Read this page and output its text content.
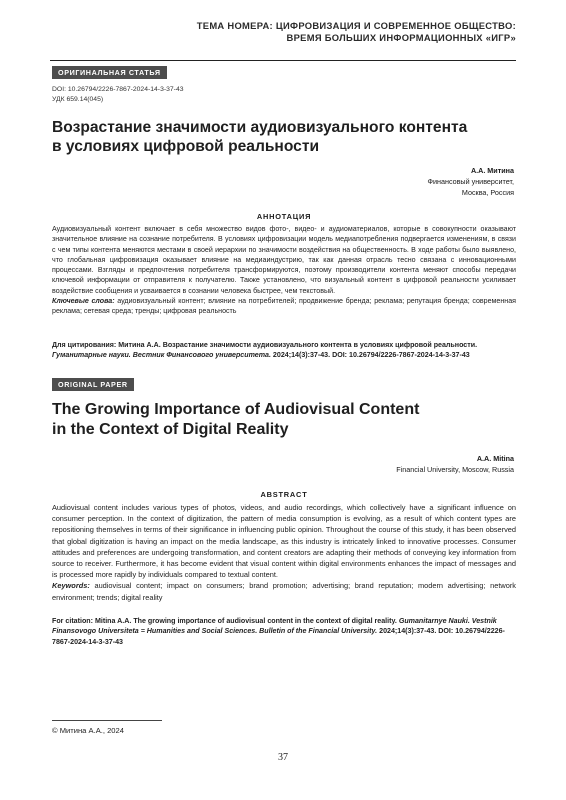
ТЕМА НОМЕРА: ЦИФРОВИЗАЦИЯ И СОВРЕМЕННОЕ ОБЩЕСТВО:
ВРЕМЯ БОЛЬШИХ ИНФОРМАЦИОННЫХ «ИГР»
ОРИГИНАЛЬНАЯ СТАТЬЯ
DOI: 10.26794/2226-7867-2024-14-3-37-43
УДК 659.14(045)
Возрастание значимости аудиовизуального контента
в условиях цифровой реальности
А.А. Митина
Финансовый университет,
Москва, Россия
АННОТАЦИЯ
Аудиовизуальный контент включает в себя множество видов фото-, видео- и аудиоматериалов, которые в совокупности оказывают значительное влияние на сознание потребителя. В условиях цифровизации модель медиапотребления подвергается изменениям, в связи с чем типы контента меняются местами в своей иерархии по значимости воздействия на общественность. В ходе работы было выявлено, что глобальная цифровизация оказывает влияние на медиаиндустрию, так как данная отрасль тесно связана с инновационными процессами. Взгляды и предпочтения потребителя трансформируются, поэтому производители контента меняют способы передачи ключевой информации от отправителя к получателю. Также установлено, что визуальный контент в цифровой реальности усиливает воздействие сообщения и усваивается в сознании человека быстрее, чем текстовый.
Ключевые слова: аудиовизуальный контент; влияние на потребителей; продвижение бренда; реклама; репутация бренда; современная реклама; сетевая среда; тренды; цифровая реальность
Для цитирования: Митина А.А. Возрастание значимости аудиовизуального контента в условиях цифровой реальности. Гуманитарные науки. Вестник Финансового университета. 2024;14(3):37-43. DOI: 10.26794/2226-7867-2024-14-3-37-43
ORIGINAL PAPER
The Growing Importance of Audiovisual Content
in the Context of Digital Reality
A.A. Mitina
Financial University, Moscow, Russia
ABSTRACT
Audiovisual content includes various types of photos, videos, and audio recordings, which collectively have a significant influence on consumer perception. In the context of digitization, the pattern of media consumption is evolving, as a result of which content types are repositioning themselves in terms of their significance in influencing public opinion. Throughout the course of this study, it has been observed that global digitization is having an impact on the media landscape, as this industry is intricately linked to innovative processes. Consumer attitudes and preferences are undergoing transformation, and content creators are adapting their methods of conveying key information from source to receiver. Furthermore, it has become evident that visual content within digital environments enhances the impact of messages and is processed more rapidly by individuals compared to textual content.
Keywords: audiovisual content; impact on consumers; brand promotion; advertising; brand reputation; modern advertising; network environment; trends; digital reality
For citation: Mitina A.A. The growing importance of audiovisual content in the context of digital reality. Gumanitarnye Nauki. Vestnik Finansovogo Universiteta = Humanities and Social Sciences. Bulletin of the Financial University. 2024;14(3):37-43. DOI: 10.26794/2226-7867-2024-14-3-37-43
© Митина А.А., 2024
37
